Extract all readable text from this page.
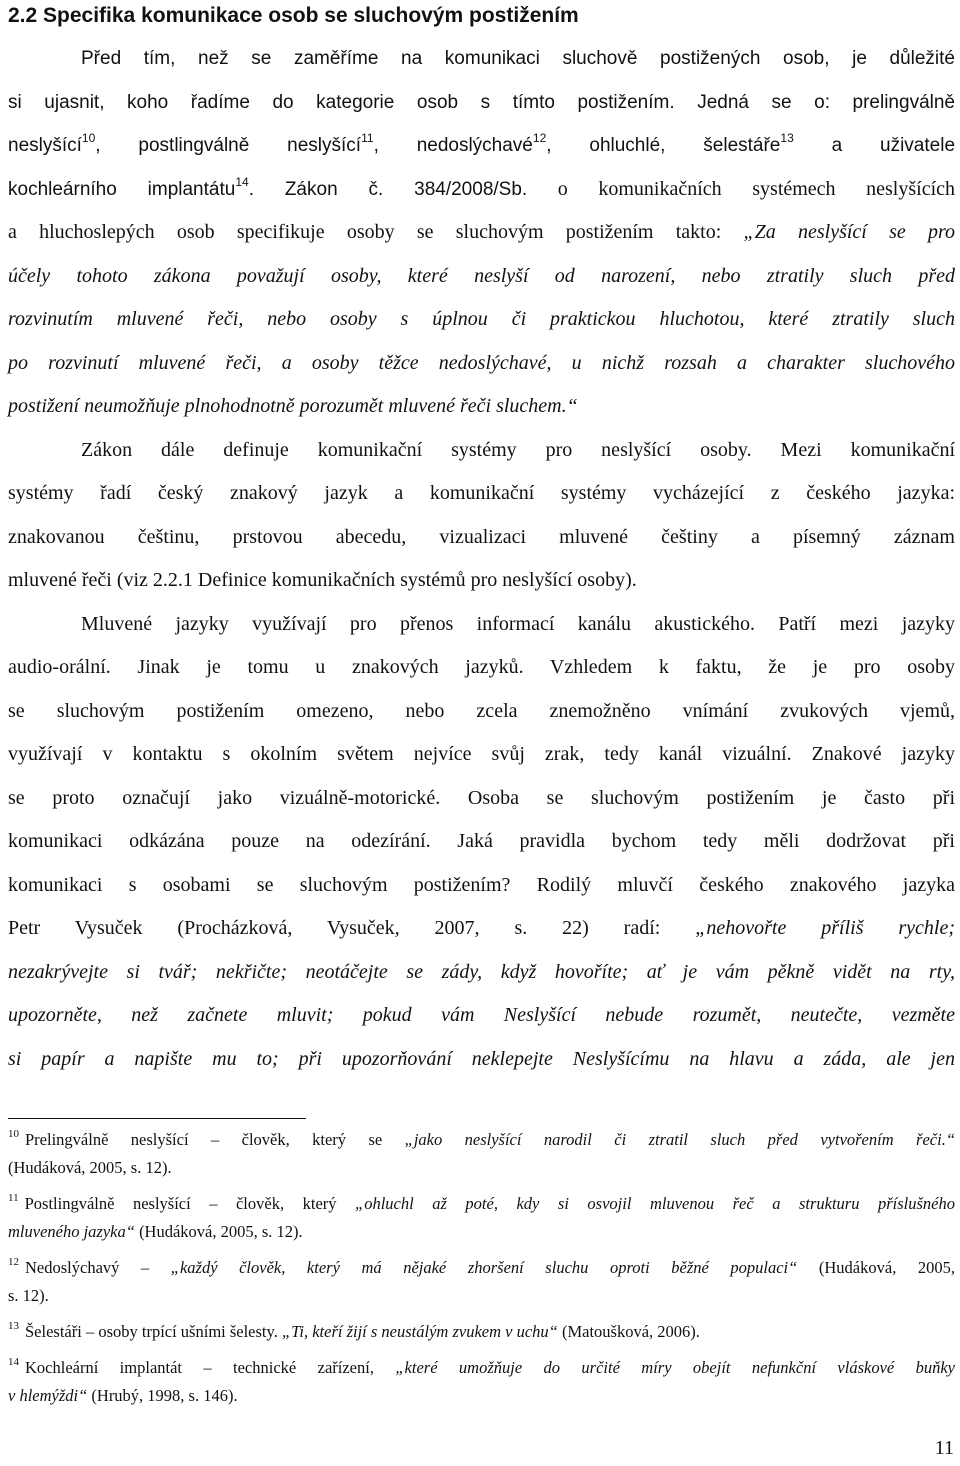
2.2 Specifika komunikace osob se sluchovým postižením
Před tím, než se zaměříme na komunikaci sluchově postižených osob, je důležité
si ujasnit, koho řadíme do kategorie osob s tímto postižením. Jedná se o: prelingválně
neslyšící$^{10}$, postlingválně neslyšící$^{11}$, nedoslýchavé$^{12}$, ohluchlé, šelestáře$^{13}$ a uživatele
kochleárního implantátu$^{14}$. Zákon č. 384/2008/Sb. o komunikačních systémech neslyšících
a hluchoslepých osob specifikuje osoby se sluchovým postižením takto: „Za neslyšící se pro
účely tohoto zákona považují osoby, které neslyší od narození, nebo ztratily sluch před
rozvinutím mluvené řeči, nebo osoby s úplnou či praktickou hluchotou, které ztratily sluch
po rozvinutí mluvené řeči, a osoby těžce nedoslýchavé, u nichž rozsah a charakter sluchového
postižení neumožňuje plnohodnotně porozumět mluvené řeči sluchem.“
Zákon dále definuje komunikační systémy pro neslyšící osoby. Mezi komunikační
systémy řadí český znakový jazyk a komunikační systémy vycházející z českého jazyka:
znakovanou češtinu, prstovou abecedu, vizualizaci mluvené češtiny a písemný záznam
mluvené řeči (viz 2.2.1 Definice komunikačních systémů pro neslyšící osoby).
Mluvené jazyky využívají pro přenos informací kanálu akustického. Patří mezi jazyky
audio-orální. Jinak je tomu u znakových jazyků. Vzhledem k faktu, že je pro osoby
se sluchovým postižením omezeno, nebo zcela znemožněno vnímání zvukových vjemů,
využívají v kontaktu s okolním světem nejvíce svůj zrak, tedy kanál vizuální. Znakové jazyky
se proto označují jako vizuálně-motorické. Osoba se sluchovým postižením je často při
komunikaci odkázána pouze na odezírání. Jaká pravidla bychom tedy měli dodržovat při
komunikaci s osobami se sluchovým postižením? Rodilý mluvčí českého znakového jazyka
Petr Vysuček (Procházková, Vysuček, 2007, s. 22) radí: „nehovořte příliš rychle;
nezakrývejte si tvář; nekřičte; neotáčejte se zády, když hovoříte; ať je vám pěkně vidět na rty,
upozorněte, než začnete mluvit; pokud vám Neslyšící nebude rozumět, neutečte, vezměte
si papír a napište mu to; při upozorňování neklepejte Neslyšícímu na hlavu a záda, ale jen
$^{10}$ Prelingválně neslyšící – člověk, který se „jako neslyšící narodil či ztratil sluch před vytvořením řeči.“
(Hudáková, 2005, s. 12).
$^{11}$ Postlingválně neslyšící – člověk, který „ohluchl až poté, kdy si osvojil mluvenou řeč a strukturu příslušného
mluveného jazyka“ (Hudáková, 2005, s. 12).
$^{12}$ Nedoslýchavý – „každý člověk, který má nějaké zhoršení sluchu oproti běžné populaci“ (Hudáková, 2005,
s. 12).
$^{13}$ Šelestáři – osoby trpící ušními šelesty. „Ti, kteří žijí s neustálým zvukem v uchu“ (Matoušková, 2006).
$^{14}$ Kochleární implantát – technické zařízení, „které umožňuje do určité míry obejít nefunkční vláskové buňky
v hlemýždi“ (Hrubý, 1998, s. 146).
11
